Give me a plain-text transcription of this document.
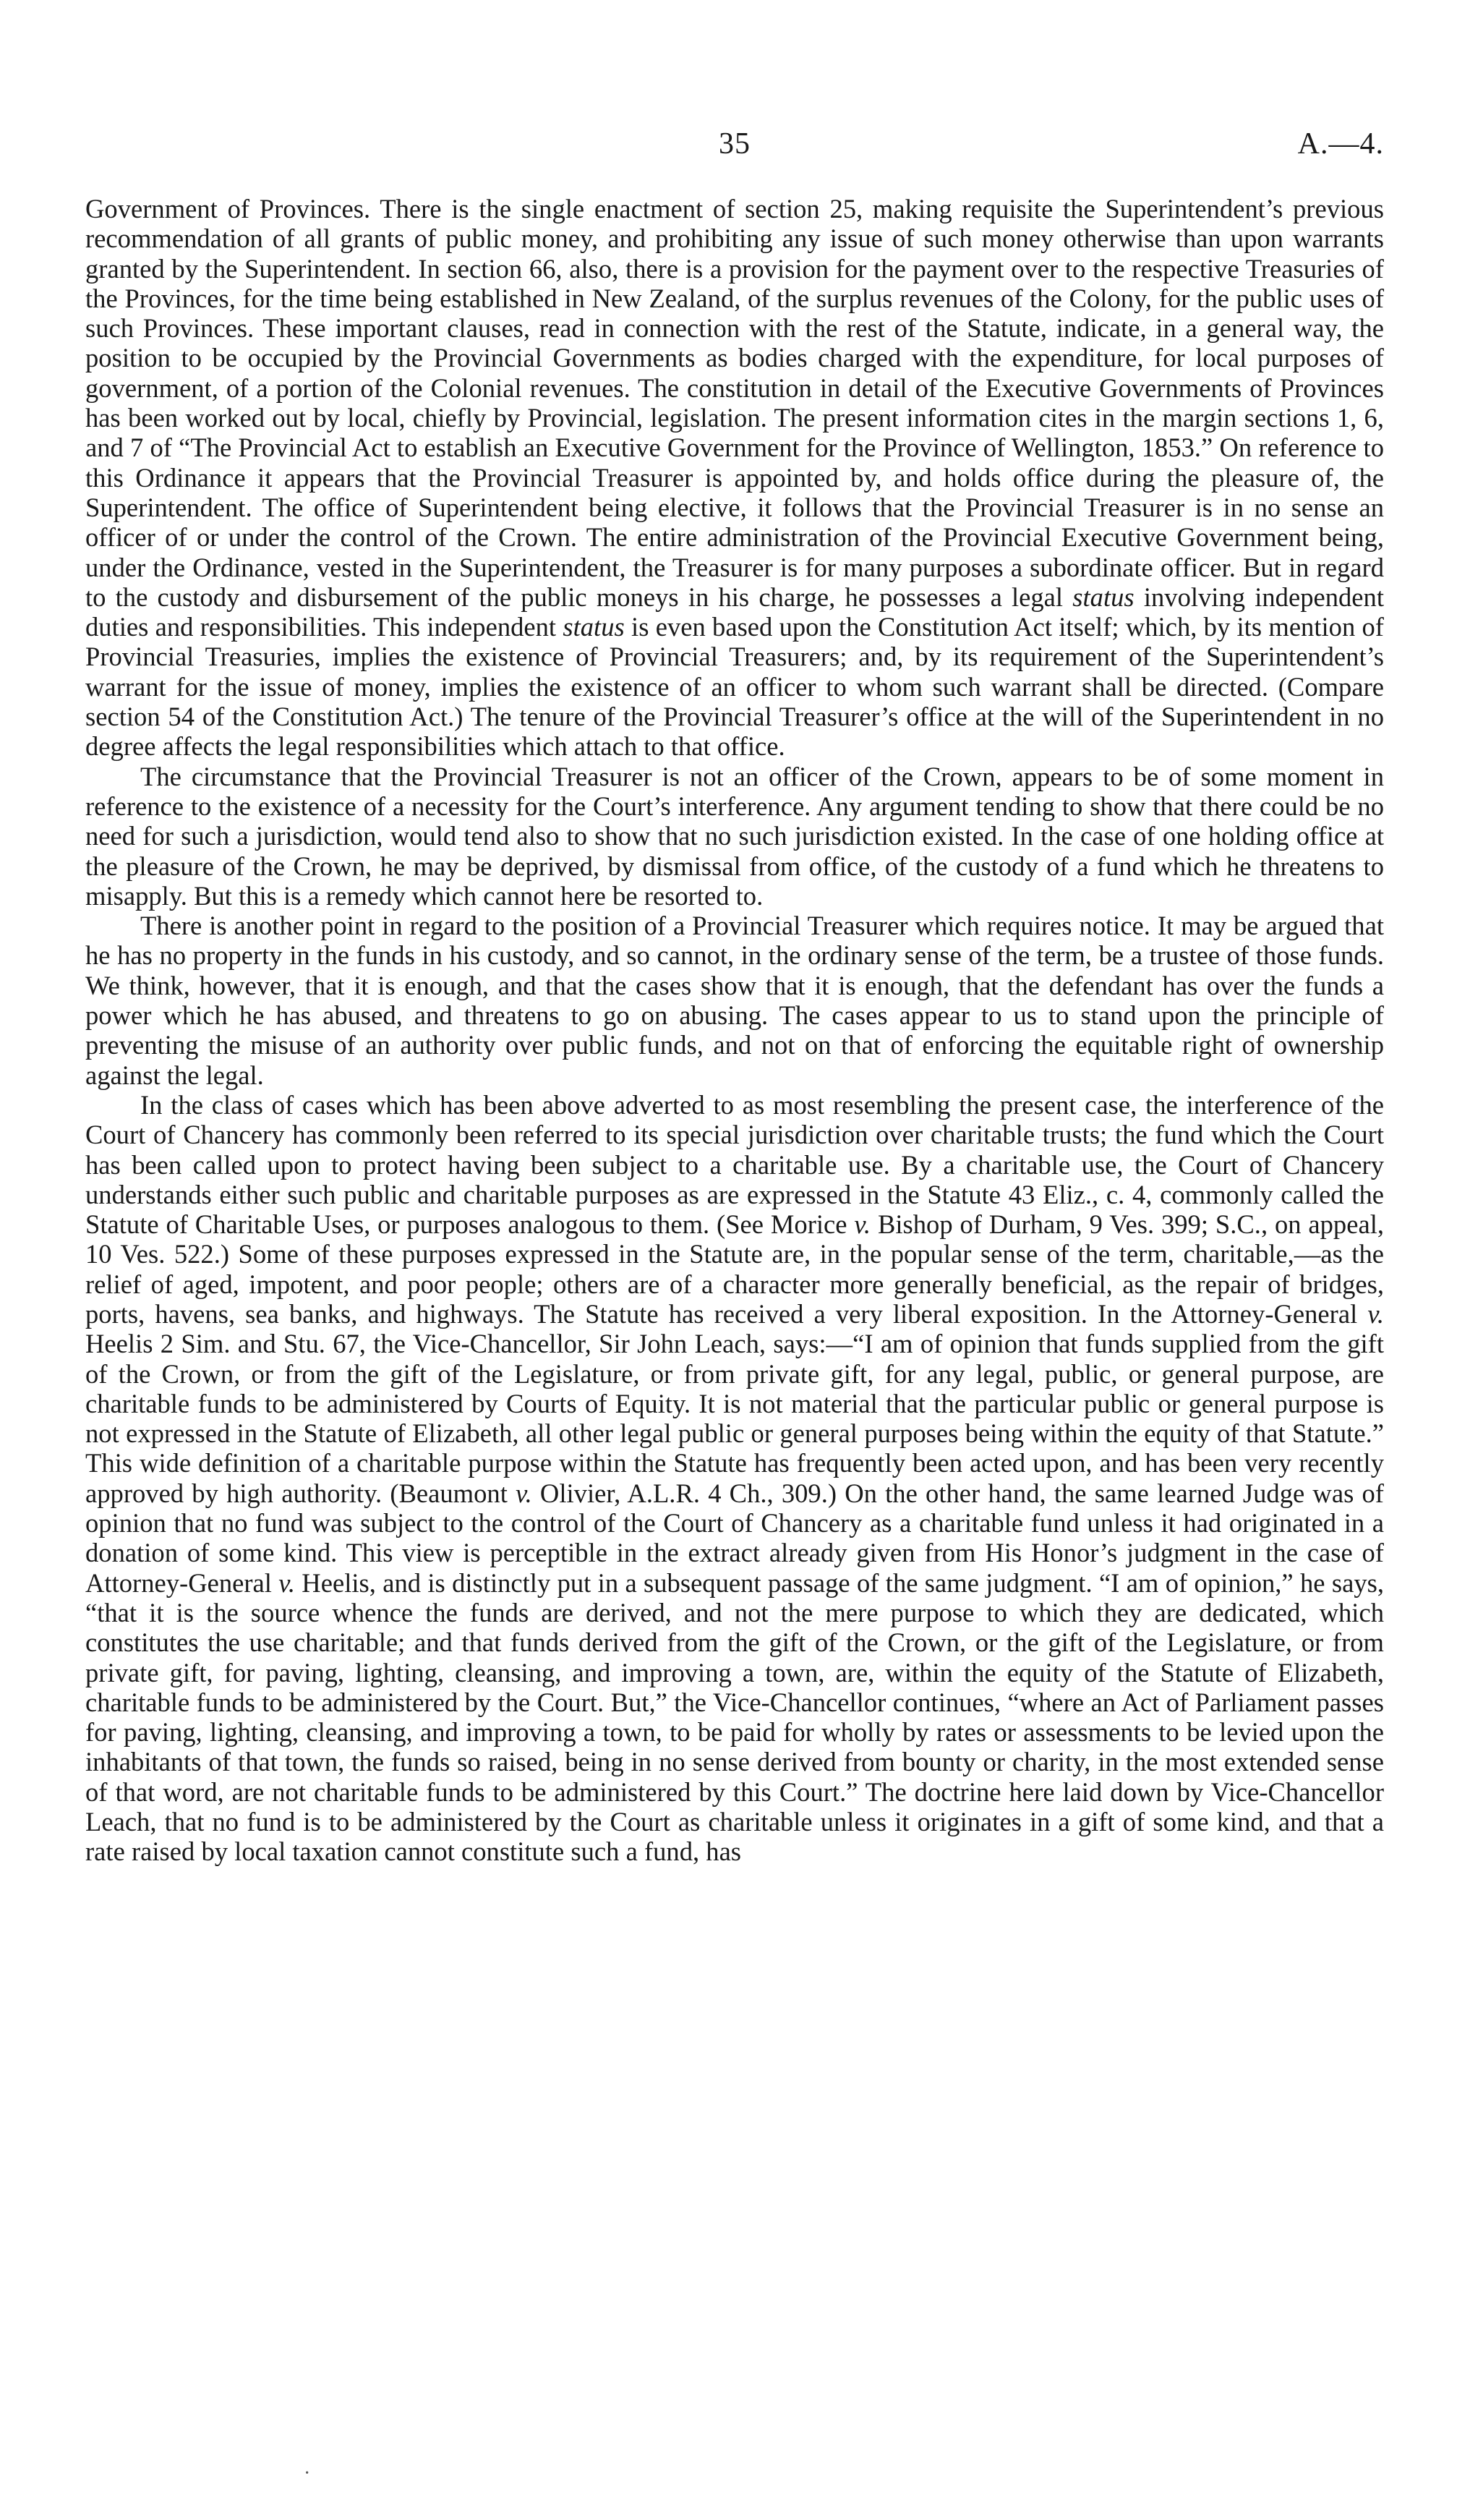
35	A.—4.

Government of Provinces. There is the single enactment of section 25, making requisite the Superintendent’s previous recommendation of all grants of public money, and prohibiting any issue of such money otherwise than upon warrants granted by the Superintendent. In section 66, also, there is a provision for the payment over to the respective Treasuries of the Provinces, for the time being established in New Zealand, of the surplus revenues of the Colony, for the public uses of such Provinces. These important clauses, read in connection with the rest of the Statute, indicate, in a general way, the position to be occupied by the Provincial Governments as bodies charged with the expenditure, for local purposes of government, of a portion of the Colonial revenues. The constitution in detail of the Executive Governments of Provinces has been worked out by local, chiefly by Provincial, legislation. The present information cites in the margin sections 1, 6, and 7 of “The Provincial Act to establish an Executive Government for the Province of Wellington, 1853.” On reference to this Ordinance it appears that the Provincial Treasurer is appointed by, and holds office during the pleasure of, the Superintendent. The office of Superintendent being elective, it follows that the Provincial Treasurer is in no sense an officer of or under the control of the Crown. The entire administration of the Provincial Executive Government being, under the Ordinance, vested in the Superintendent, the Treasurer is for many purposes a subordinate officer. But in regard to the custody and disbursement of the public moneys in his charge, he possesses a legal status involving independent duties and responsibilities. This independent status is even based upon the Constitution Act itself; which, by its mention of Provincial Treasuries, implies the existence of Provincial Treasurers; and, by its requirement of the Superintendent’s warrant for the issue of money, implies the existence of an officer to whom such warrant shall be directed. (Compare section 54 of the Constitution Act.) The tenure of the Provincial Treasurer’s office at the will of the Superintendent in no degree affects the legal responsibilities which attach to that office.

The circumstance that the Provincial Treasurer is not an officer of the Crown, appears to be of some moment in reference to the existence of a necessity for the Court’s interference. Any argument tending to show that there could be no need for such a jurisdiction, would tend also to show that no such jurisdiction existed. In the case of one holding office at the pleasure of the Crown, he may be deprived, by dismissal from office, of the custody of a fund which he threatens to misapply. But this is a remedy which cannot here be resorted to.

There is another point in regard to the position of a Provincial Treasurer which requires notice. It may be argued that he has no property in the funds in his custody, and so cannot, in the ordinary sense of the term, be a trustee of those funds. We think, however, that it is enough, and that the cases show that it is enough, that the defendant has over the funds a power which he has abused, and threatens to go on abusing. The cases appear to us to stand upon the principle of preventing the misuse of an authority over public funds, and not on that of enforcing the equitable right of ownership against the legal.

In the class of cases which has been above adverted to as most resembling the present case, the interference of the Court of Chancery has commonly been referred to its special jurisdiction over charitable trusts; the fund which the Court has been called upon to protect having been subject to a charitable use. By a charitable use, the Court of Chancery understands either such public and charitable purposes as are expressed in the Statute 43 Eliz., c. 4, commonly called the Statute of Charitable Uses, or purposes analogous to them. (See Morice v. Bishop of Durham, 9 Ves. 399; S.C., on appeal, 10 Ves. 522.) Some of these purposes expressed in the Statute are, in the popular sense of the term, charitable,—as the relief of aged, impotent, and poor people; others are of a character more generally beneficial, as the repair of bridges, ports, havens, sea banks, and highways. The Statute has received a very liberal exposition. In the Attorney-General v. Heelis 2 Sim. and Stu. 67, the Vice-Chancellor, Sir John Leach, says:—“I am of opinion that funds supplied from the gift of the Crown, or from the gift of the Legislature, or from private gift, for any legal, public, or general purpose, are charitable funds to be administered by Courts of Equity. It is not material that the particular public or general purpose is not expressed in the Statute of Elizabeth, all other legal public or general purposes being within the equity of that Statute.” This wide definition of a charitable purpose within the Statute has frequently been acted upon, and has been very recently approved by high authority. (Beaumont v. Olivier, A.L.R. 4 Ch., 309.) On the other hand, the same learned Judge was of opinion that no fund was subject to the control of the Court of Chancery as a charitable fund unless it had originated in a donation of some kind. This view is perceptible in the extract already given from His Honor’s judgment in the case of Attorney-General v. Heelis, and is distinctly put in a subsequent passage of the same judgment. “I am of opinion,” he says, “that it is the source whence the funds are derived, and not the mere purpose to which they are dedicated, which constitutes the use charitable; and that funds derived from the gift of the Crown, or the gift of the Legislature, or from private gift, for paving, lighting, cleansing, and improving a town, are, within the equity of the Statute of Elizabeth, charitable funds to be administered by the Court. But,” the Vice-Chancellor continues, “where an Act of Parliament passes for paving, lighting, cleansing, and improving a town, to be paid for wholly by rates or assessments to be levied upon the inhabitants of that town, the funds so raised, being in no sense derived from bounty or charity, in the most extended sense of that word, are not charitable funds to be administered by this Court.” The doctrine here laid down by Vice-Chancellor Leach, that no fund is to be administered by the Court as charitable unless it originates in a gift of some kind, and that a rate raised by local taxation cannot constitute such a fund, has

·
